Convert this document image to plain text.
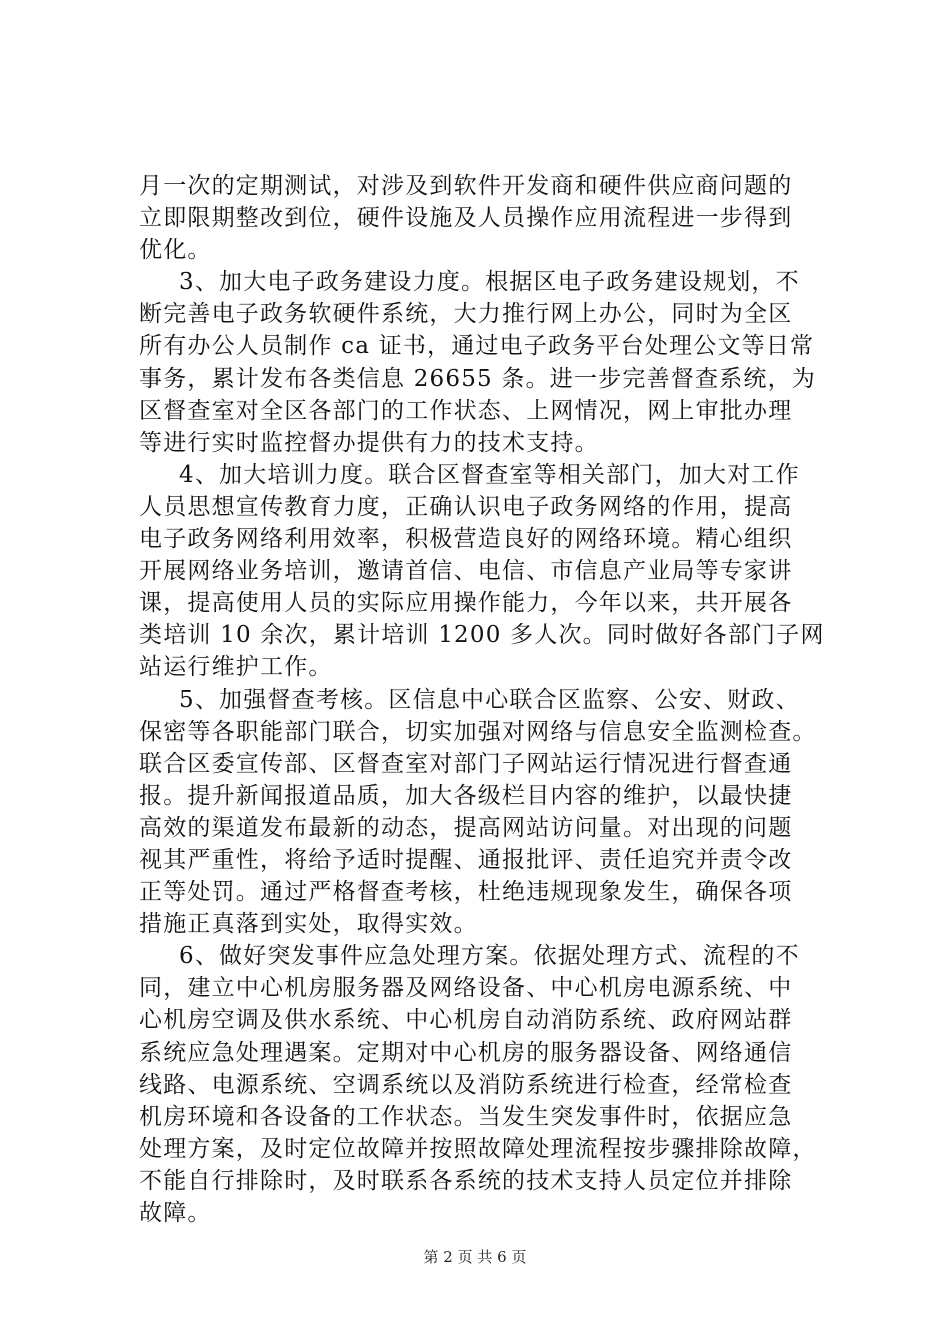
月一次的定期测试，对涉及到软件开发商和硬件供应商问题的
立即限期整改到位，硬件设施及人员操作应用流程进一步得到
优化。
3、加大电子政务建设力度。根据区电子政务建设规划，不
断完善电子政务软硬件系统，大力推行网上办公，同时为全区
所有办公人员制作 ca 证书，通过电子政务平台处理公文等日常
事务，累计发布各类信息 26655 条。进一步完善督查系统，为
区督查室对全区各部门的工作状态、上网情况，网上审批办理
等进行实时监控督办提供有力的技术支持。
4、加大培训力度。联合区督查室等相关部门，加大对工作
人员思想宣传教育力度，正确认识电子政务网络的作用，提高
电子政务网络利用效率，积极营造良好的网络环境。精心组织
开展网络业务培训，邀请首信、电信、市信息产业局等专家讲
课，提高使用人员的实际应用操作能力，今年以来，共开展各
类培训 10 余次，累计培训 1200 多人次。同时做好各部门子网
站运行维护工作。
5、加强督查考核。区信息中心联合区监察、公安、财政、
保密等各职能部门联合，切实加强对网络与信息安全监测检查。
联合区委宣传部、区督查室对部门子网站运行情况进行督查通
报。提升新闻报道品质，加大各级栏目内容的维护，以最快捷
高效的渠道发布最新的动态，提高网站访问量。对出现的问题
视其严重性，将给予适时提醒、通报批评、责任追究并责令改
正等处罚。通过严格督查考核，杜绝违规现象发生，确保各项
措施正真落到实处，取得实效。
6、做好突发事件应急处理方案。依据处理方式、流程的不
同，建立中心机房服务器及网络设备、中心机房电源系统、中
心机房空调及供水系统、中心机房自动消防系统、政府网站群
系统应急处理遇案。定期对中心机房的服务器设备、网络通信
线路、电源系统、空调系统以及消防系统进行检查，经常检查
机房环境和各设备的工作状态。当发生突发事件时，依据应急
处理方案，及时定位故障并按照故障处理流程按步骤排除故障，
不能自行排除时，及时联系各系统的技术支持人员定位并排除
故障。
第 2 页 共 6 页
